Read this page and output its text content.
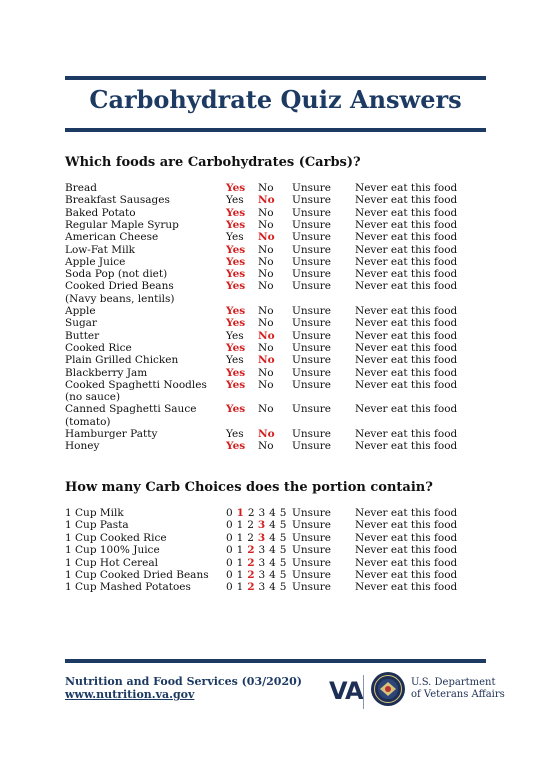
Carbohydrate Quiz Answers
Which foods are Carbohydrates (Carbs)?
Bread	Yes No Unsure Never eat this food
Breakfast Sausages	Yes No Unsure Never eat this food
Baked Potato	Yes No Unsure Never eat this food
Regular Maple Syrup	Yes No Unsure Never eat this food
American Cheese	Yes No Unsure Never eat this food
Low-Fat Milk	Yes No Unsure Never eat this food
Apple Juice	Yes No Unsure Never eat this food
Soda Pop (not diet)	Yes No Unsure Never eat this food
Cooked Dried Beans	Yes No Unsure Never eat this food
(Navy beans, lentils)
Apple	Yes No Unsure Never eat this food
Sugar	Yes No Unsure Never eat this food
Butter	Yes No Unsure Never eat this food
Cooked Rice	Yes No Unsure Never eat this food
Plain Grilled Chicken	Yes No Unsure Never eat this food
Blackberry Jam	Yes No Unsure Never eat this food
Cooked Spaghetti Noodles Yes No Unsure Never eat this food
(no sauce)
Canned Spaghetti Sauce	Yes No Unsure Never eat this food
(tomato)
Hamburger Patty	Yes No Unsure Never eat this food
Honey	Yes No Unsure Never eat this food
How many Carb Choices does the portion contain?
1 Cup Milk	0 1 2 3 4 5 Unsure Never eat this food
1 Cup Pasta	0 1 2 3 4 5 Unsure Never eat this food
1 Cup Cooked Rice	0 1 2 3 4 5 Unsure Never eat this food
1 Cup 100% Juice	0 1 2 3 4 5 Unsure Never eat this food
1 Cup Hot Cereal	0 1 2 3 4 5 Unsure Never eat this food
1 Cup Cooked Dried Beans 0 1 2 3 4 5 Unsure Never eat this food
1 Cup Mashed Potatoes	0 1 2 3 4 5 Unsure Never eat this food
Nutrition and Food Services (03/2020)
www.nutrition.va.gov	VA	U.S. Department
of Veterans Affairs
